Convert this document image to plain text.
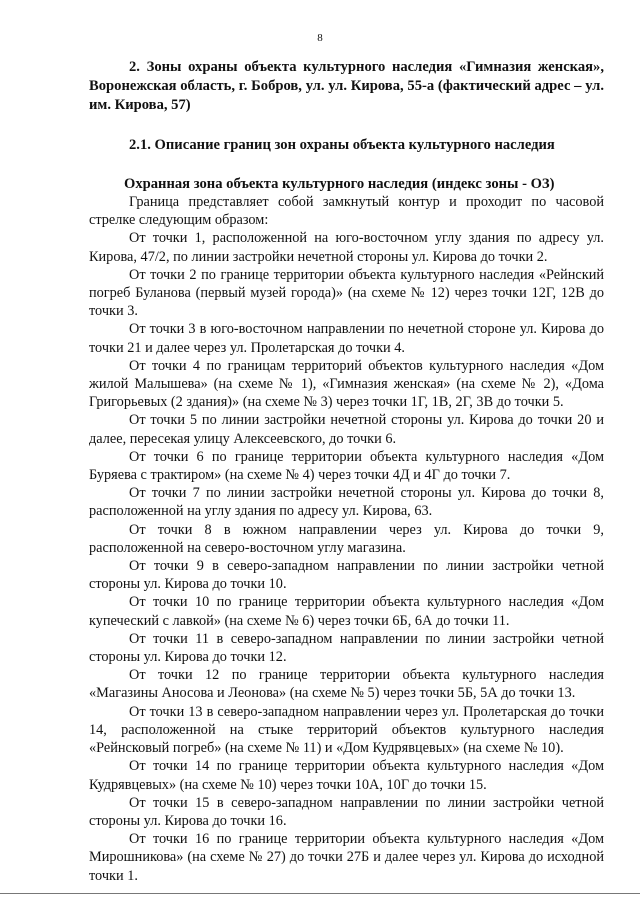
8

2. Зоны охраны объекта культурного наследия «Гимназия женская», Воронежская область, г. Бобров, ул. ул. Кирова, 55-а (фактический адрес – ул. им. Кирова, 57)

2.1. Описание границ зон охраны объекта культурного наследия

Охранная зона объекта культурного наследия (индекс зоны - ОЗ)

Граница представляет собой замкнутый контур и проходит по часовой стрелке следующим образом:

От точки 1, расположенной на юго-восточном углу здания по адресу ул. Кирова, 47/2, по линии застройки нечетной стороны ул. Кирова до точки 2.

От точки 2 по границе территории объекта культурного наследия «Рейнский погреб Буланова (первый музей города)» (на схеме № 12) через точки 12Г, 12В до точки 3.

От точки 3 в юго-восточном направлении по нечетной стороне ул. Кирова до точки 21 и далее через ул. Пролетарская до точки 4.

От точки 4 по границам территорий объектов культурного наследия «Дом жилой Малышева» (на схеме № 1), «Гимназия женская» (на схеме № 2), «Дома Григорьевых (2 здания)» (на схеме № 3) через точки 1Г, 1В, 2Г, 3В до точки 5.

От точки 5 по линии застройки нечетной стороны ул. Кирова до точки 20 и далее, пересекая улицу Алексеевского, до точки 6.

От точки 6 по границе территории объекта культурного наследия «Дом Буряева с трактиром» (на схеме № 4) через точки 4Д и 4Г до точки 7.

От точки 7 по линии застройки нечетной стороны ул. Кирова до точки 8, расположенной на углу здания по адресу ул. Кирова, 63.

От точки 8 в южном направлении через ул. Кирова до точки 9, расположенной на северо-восточном углу магазина.

От точки 9 в северо-западном направлении по линии застройки четной стороны ул. Кирова до точки 10.

От точки 10 по границе территории объекта культурного наследия «Дом купеческий с лавкой» (на схеме № 6) через точки 6Б, 6А до точки 11.

От точки 11 в северо-западном направлении по линии застройки четной стороны ул. Кирова до точки 12.

От точки 12 по границе территории объекта культурного наследия «Магазины Аносова и Леонова» (на схеме № 5) через точки 5Б, 5А до точки 13.

От точки 13 в северо-западном направлении через ул. Пролетарская до точки 14, расположенной на стыке территорий объектов культурного наследия «Рейнсковый погреб» (на схеме № 11) и «Дом Кудрявцевых» (на схеме № 10).

От точки 14 по границе территории объекта культурного наследия «Дом Кудрявцевых» (на схеме № 10) через точки 10А, 10Г до точки 15.

От точки 15 в северо-западном направлении по линии застройки четной стороны ул. Кирова до точки 16.

От точки 16 по границе территории объекта культурного наследия «Дом Мирошникова» (на схеме № 27) до точки 27Б и далее через ул. Кирова до исходной точки 1.
